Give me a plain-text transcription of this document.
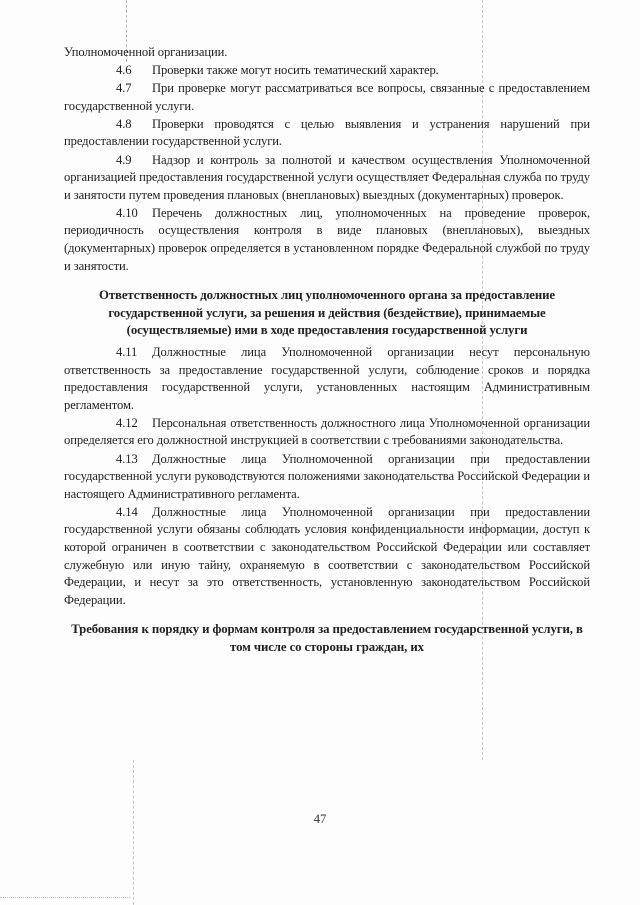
Уполномоченной организации.

4.6 Проверки также могут носить тематический характер.

4.7 При проверке могут рассматриваться все вопросы, связанные с предоставлением государственной услуги.

4.8 Проверки проводятся с целью выявления и устранения нарушений при предоставлении государственной услуги.

4.9 Надзор и контроль за полнотой и качеством осуществления Уполномоченной организацией предоставления государственной услуги осуществляет Федеральная служба по труду и занятости путем проведения плановых (внеплановых) выездных (документарных) проверок.

4.10 Перечень должностных лиц, уполномоченных на проведение проверок, периодичность осуществления контроля в виде плановых (внеплановых), выездных (документарных) проверок определяется в установленном порядке Федеральной службой по труду и занятости.

Ответственность должностных лиц уполномоченного органа за предоставление государственной услуги, за решения и действия (бездействие), принимаемые (осуществляемые) ими в ходе предоставления государственной услуги

4.11 Должностные лица Уполномоченной организации несут персональную ответственность за предоставление государственной услуги, соблюдение сроков и порядка предоставления государственной услуги, установленных настоящим Административным регламентом.

4.12 Персональная ответственность должностного лица Уполномоченной организации определяется его должностной инструкцией в соответствии с требованиями законодательства.

4.13 Должностные лица Уполномоченной организации при предоставлении государственной услуги руководствуются положениями законодательства Российской Федерации и настоящего Административного регламента.

4.14 Должностные лица Уполномоченной организации при предоставлении государственной услуги обязаны соблюдать условия конфиденциальности информации, доступ к которой ограничен в соответствии с законодательством Российской Федерации или составляет служебную или иную тайну, охраняемую в соответствии с законодательством Российской Федерации, и несут за это ответственность, установленную законодательством Российской Федерации.

Требования к порядку и формам контроля за предоставлением государственной услуги, в том числе со стороны граждан, их

47
